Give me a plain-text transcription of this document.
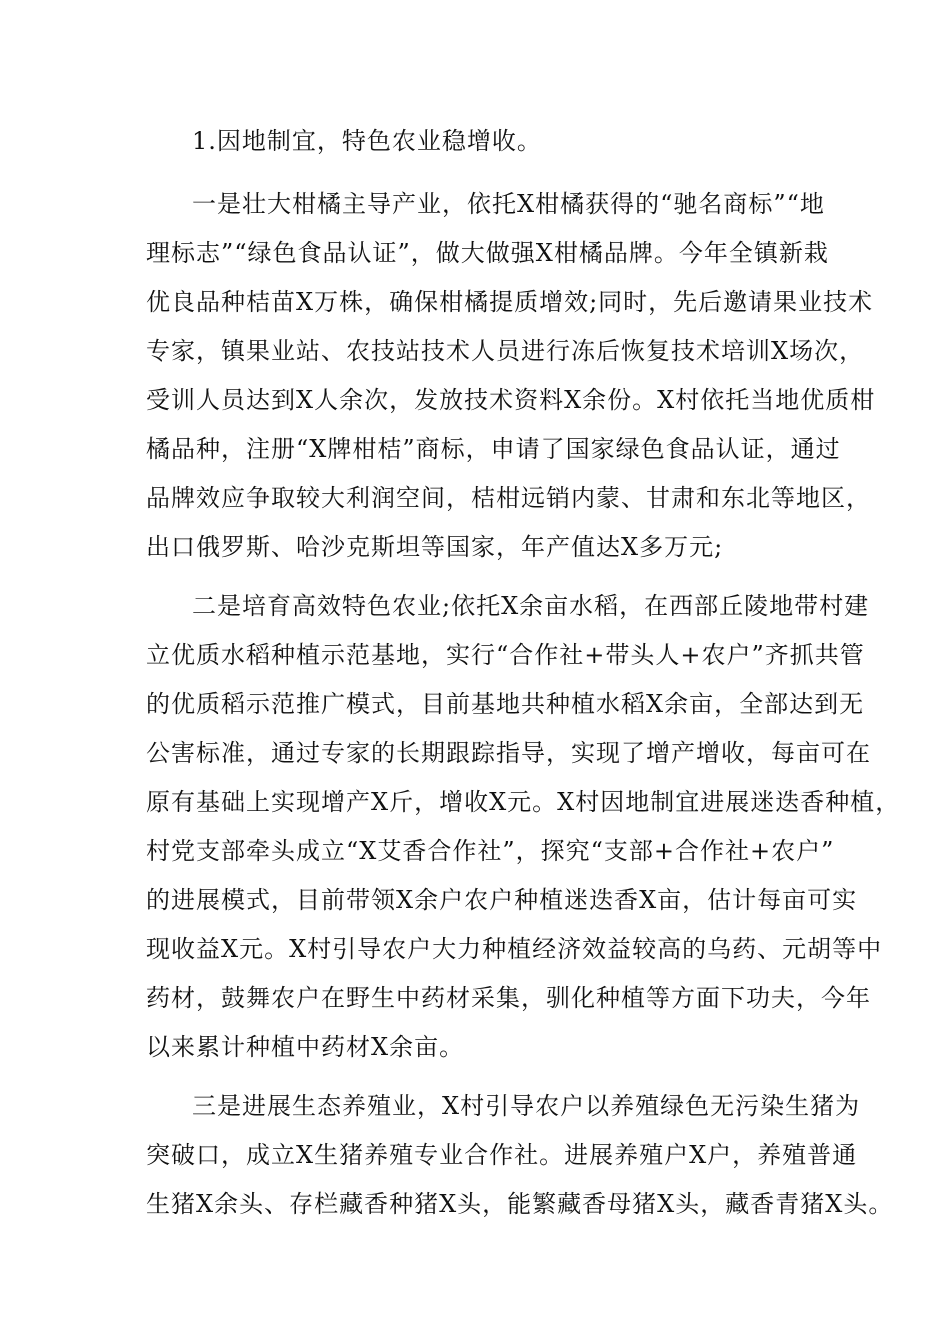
1.因地制宜，特色农业稳增收。
一是壮大柑橘主导产业，依托X柑橘获得的“驰名商标”“地
理标志”“绿色食品认证”，做大做强X柑橘品牌。今年全镇新栽
优良品种桔苗X万株，确保柑橘提质增效;同时，先后邀请果业技术
专家，镇果业站、农技站技术人员进行冻后恢复技术培训X场次，
受训人员达到X人余次，发放技术资料X余份。X村依托当地优质柑
橘品种，注册“X牌柑桔”商标，申请了国家绿色食品认证，通过
品牌效应争取较大利润空间，桔柑远销内蒙、甘肃和东北等地区，
出口俄罗斯、哈沙克斯坦等国家，年产值达X多万元;
二是培育高效特色农业;依托X余亩水稻，在西部丘陵地带村建
立优质水稻种植示范基地，实行“合作社+带头人+农户”齐抓共管
的优质稻示范推广模式，目前基地共种植水稻X余亩，全部达到无
公害标准，通过专家的长期跟踪指导，实现了增产增收，每亩可在
原有基础上实现增产X斤，增收X元。X村因地制宜进展迷迭香种植，
村党支部牵头成立“X艾香合作社”，探究“支部+合作社+农户”
的进展模式，目前带领X余户农户种植迷迭香X亩，估计每亩可实
现收益X元。X村引导农户大力种植经济效益较高的乌药、元胡等中
药材，鼓舞农户在野生中药材采集，驯化种植等方面下功夫，今年
以来累计种植中药材X余亩。
三是进展生态养殖业，X村引导农户以养殖绿色无污染生猪为
突破口，成立X生猪养殖专业合作社。进展养殖户X户，养殖普通
生猪X余头、存栏藏香种猪X头，能繁藏香母猪X头，藏香青猪X头。
